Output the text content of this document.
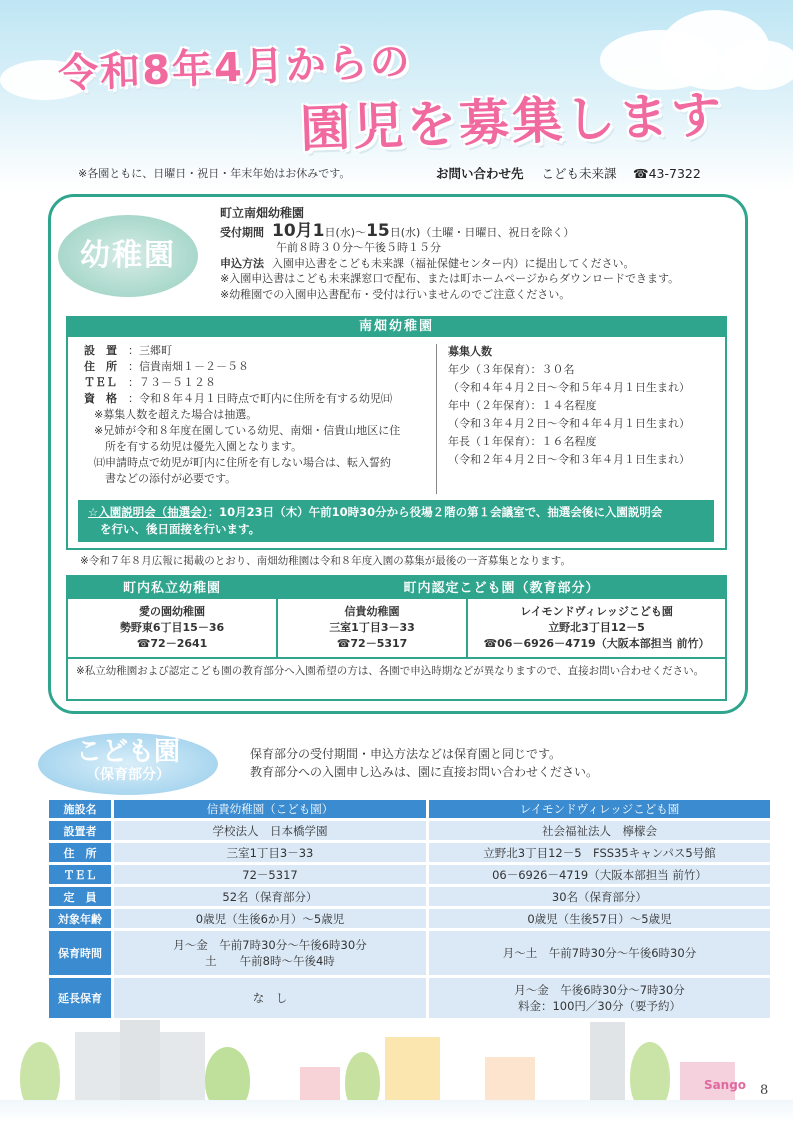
令和8年4月からの
園児を募集します
※各園ともに、日曜日・祝日・年末年始はお休みです。	お問い合わせ先 こども未来課　 ☎43-7322
幼稚園
町立南畑幼稚園
受付期間 10月1日(水)～15日(水)（土曜・日曜日、祝日を除く）
午前８時３０分～午後５時１５分
申込方法 入園申込書をこども未来課（福祉保健センター内）に提出してください。
※入園申込書はこども未来課窓口で配布、または町ホームページからダウンロードできます。
※幼稚園での入園申込書配布・受付は行いませんのでご注意ください。
南畑幼稚園
設　置 ：三郷町
住　所 ：信貴南畑１－２－５８
ＴＥＬ ：７３－５１２８
資　格 ：令和８年４月１日時点で町内に住所を有する幼児㈰
※募集人数を超えた場合は抽選。
※兄姉が令和８年度在園している幼児、南畑・信貴山地区に住
　所を有する幼児は優先入園となります。
㈰申請時点で幼児が町内に住所を有しない場合は、転入誓約
　書などの添付が必要です。
募集人数
年少（３年保育）：３０名
（令和４年４月２日～令和５年４月１日生まれ）
年中（２年保育）：１４名程度
（令和３年４月２日～令和４年４月１日生まれ）
年長（１年保育）：１６名程度
（令和２年４月２日～令和３年４月１日生まれ）
☆入園説明会（抽選会）：10月23日（木）午前10時30分から役場２階の第１会議室で、抽選会後に入園説明会
を行い、後日面接を行います。
※令和７年８月広報に掲載のとおり、南畑幼稚園は令和８年度入園の募集が最後の一斉募集となります。
町内私立幼稚園	町内認定こども園（教育部分）	
愛の園幼稚園
勢野東6丁目15－36
☎72－2641	信貴幼稚園
三室1丁目3－33
☎72－5317	レイモンドヴィレッジこども園
立野北3丁目12－5
☎06－6926－4719（大阪本部担当 前竹）
※私立幼稚園および認定こども園の教育部分へ入園希望の方は、各園で申込時期などが異なりますので、直接お問い合わせください。
こども園
（保育部分）
保育部分の受付期間・申込方法などは保育園と同じです。
教育部分への入園申し込みは、園に直接お問い合わせください。
施設名	信貴幼稚園（こども園）	レイモンドヴィレッジこども園
設置者	学校法人　日本橋学園	社会福祉法人　檸檬会
住　所	三室1丁目3－33	立野北3丁目12－5　FSS35キャンパス5号館
ＴＥＬ	72－5317	06－6926－4719（大阪本部担当 前竹）
定　員	52名（保育部分）	30名（保育部分）
対象年齢	0歳児（生後6か月）～5歳児	0歳児（生後57日）～5歳児
保育時間	月～金　午前7時30分～午後6時30分
土　　午前8時～午後4時	月～土　午前7時30分～午後6時30分
延長保育	な　し	月～金　午後6時30分～7時30分
料金：100円／30分（要予約）
Sango	8
